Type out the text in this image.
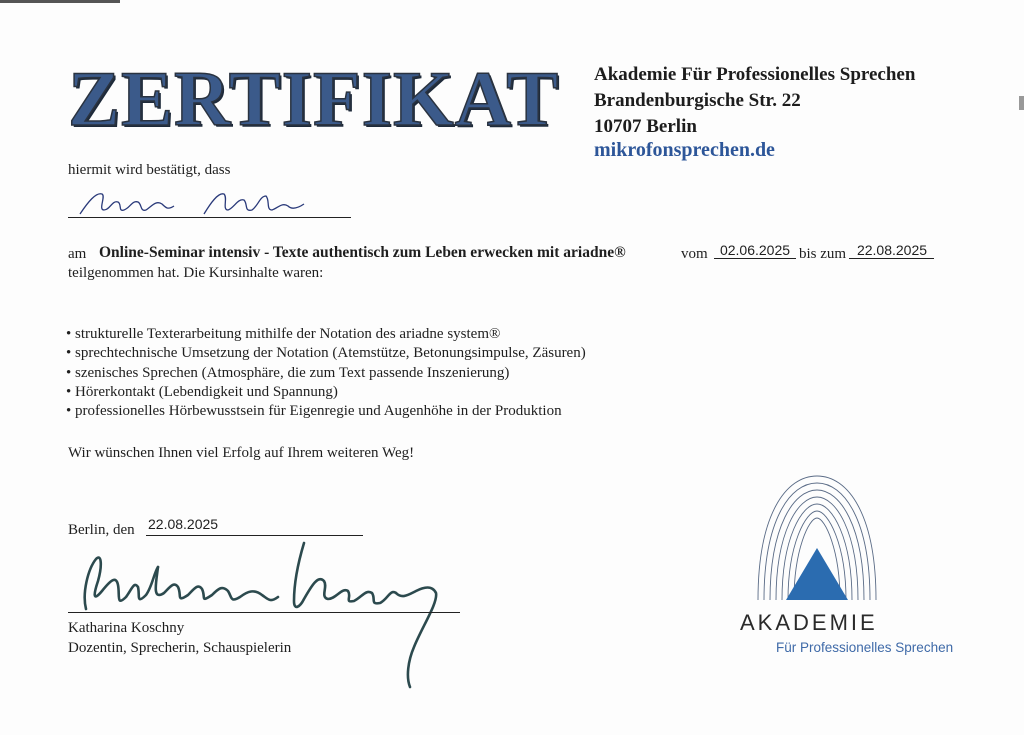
ZERTIFIKAT Akademie Für Professionelles Sprechen
Brandenburgische Str. 22
10707 Berlin
mikrofonsprechen.de
hiermit wird bestätigt, dass
am Online-Seminar intensiv - Texte authentisch zum Leben erwecken mit ariadne®	vom 02.06.2025 bis zum 22.08.2025
teilgenommen hat. Die Kursinhalte waren:
• strukturelle Texterarbeitung mithilfe der Notation des ariadne system®
• sprechtechnische Umsetzung der Notation (Atemstütze, Betonungsimpulse, Zäsuren)
• szenisches Sprechen (Atmosphäre, die zum Text passende Inszenierung)
• Hörerkontakt (Lebendigkeit und Spannung)
• professionelles Hörbewusstsein für Eigenregie und Augenhöhe in der Produktion
Wir wünschen Ihnen viel Erfolg auf Ihrem weiteren Weg!
Berlin, den 22.08.2025
Katharina Koschny
Dozentin, Sprecherin, Schauspielerin
AKADEMIE
Für Professionelles Sprechen
